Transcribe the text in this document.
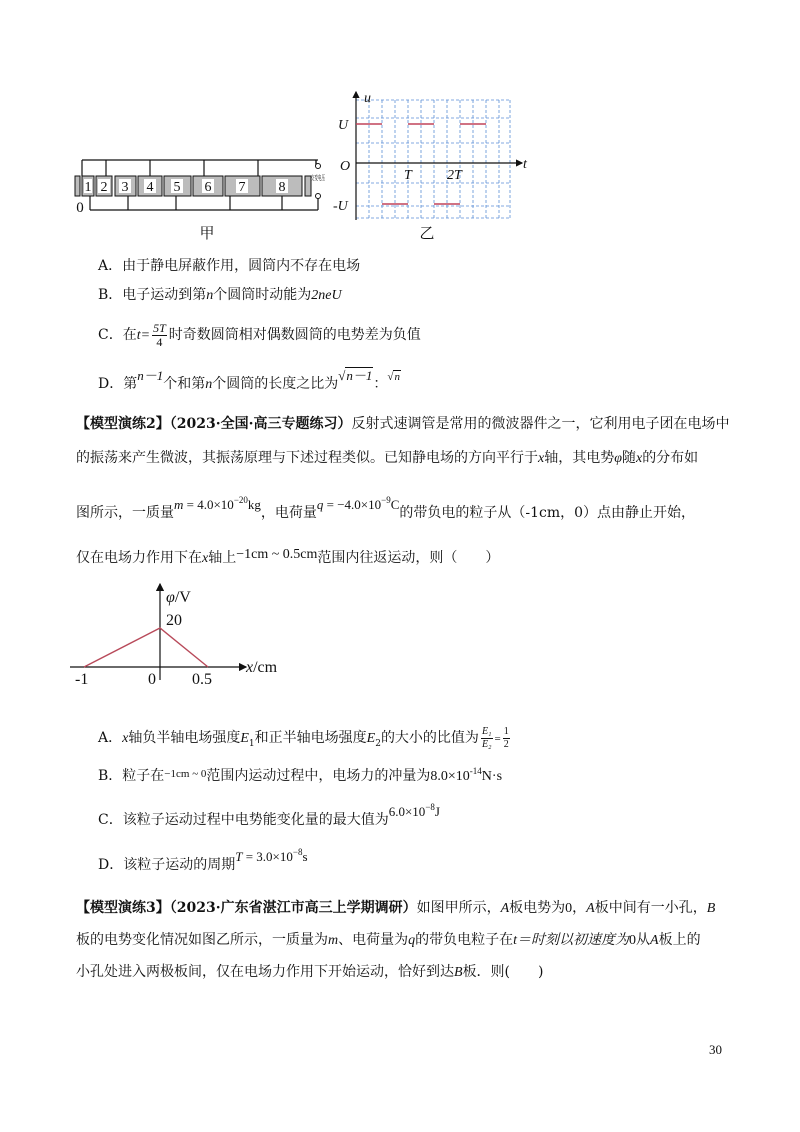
1 2 3 4 5 6 7 8
0
交变电压
甲	乙
u
t
O
U
-U
T	2T
A．由于静电屏蔽作用，圆筒内不存在电场
B．电子运动到第n个圆筒时动能为2neU
C．在$t= \frac{5T}{4}$ 时奇数圆筒相对偶数圆筒的电势差为负值
D．第n－1个和第n个圆筒的长度之比为√n－1：$^{√n}$
【模型演练2】（2023·全国·高三专题练习）反射式速调管是常用的微波器件之一，它利用电子团在电场中
的振荡来产生微波，其振荡原理与下述过程类似。已知静电场的方向平行于x轴，其电势φ随x的分布如
图所示，一质量$m = 4.0\times 10^{-20}kg$，电荷量$q = -4.0\times 10^{-9}C$的带负电的粒子从（-1cm，0）点由静止开始，
仅在电场力作用下在x轴上−1cm ~ 0.5cm范围内往返运动，则（　　）
φ/V
20
x/cm
-1	0 0.5
A．x轴负半轴电场强度$E_1$和正半轴电场强度$E_2$的大小的比值为 $\frac{\text{E₁}}{\text{E₂}} = \frac{1}{2}$
B．粒子在$^{-1cm \sim 0}$范围内运动过程中，电场力的冲量为$8.0\times 10^{-14}N\cdot s$
C．该粒子运动过程中电势能变化量的最大值为$6.0\times 10^{-8}J$
D．该粒子运动的周期$T = 3.0\times 10^{-8}s$
【模型演练3】（2023·广东省湛江市高三上学期调研）如图甲所示，A板电势为0，A板中间有一小孔，B
板的电势变化情况如图乙所示，一质量为m、电荷量为q的带负电粒子在t＝时刻以初速度为0从A板上的
小孔处进入两极板间，仅在电场力作用下开始运动，恰好到达B板．则(　　)
30
